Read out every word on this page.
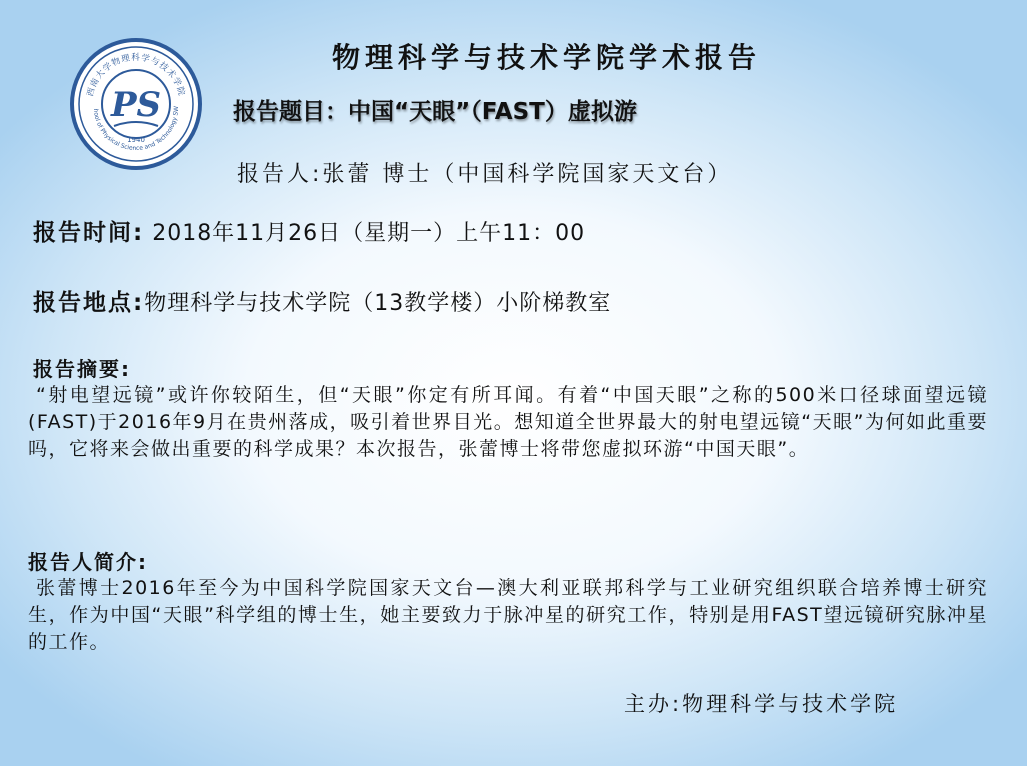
西南大学物理科学与技术学院
hool of Physical Science and Technology SW
PS
1940
物理科学与技术学院学术报告
报告题目：中国“天眼”（FAST）虚拟游
报告人:张蕾 博士（中国科学院国家天文台）
报告时间: 2018年11月26日（星期一）上午11：00
报告地点:物理科学与技术学院（13教学楼）小阶梯教室
报告摘要:
“射电望远镜”或许你较陌生，但“天眼”你定有所耳闻。有着“中国天眼”之称的500米口径球面望远镜(FAST)于2016年9月在贵州落成，吸引着世界目光。想知道全世界最大的射电望远镜“天眼”为何如此重要吗，它将来会做出重要的科学成果？本次报告，张蕾博士将带您虚拟环游“中国天眼”。
报告人简介:
张蕾博士2016年至今为中国科学院国家天文台—澳大利亚联邦科学与工业研究组织联合培养博士研究生，作为中国“天眼”科学组的博士生，她主要致力于脉冲星的研究工作，特别是用FAST望远镜研究脉冲星的工作。
主办:物理科学与技术学院
